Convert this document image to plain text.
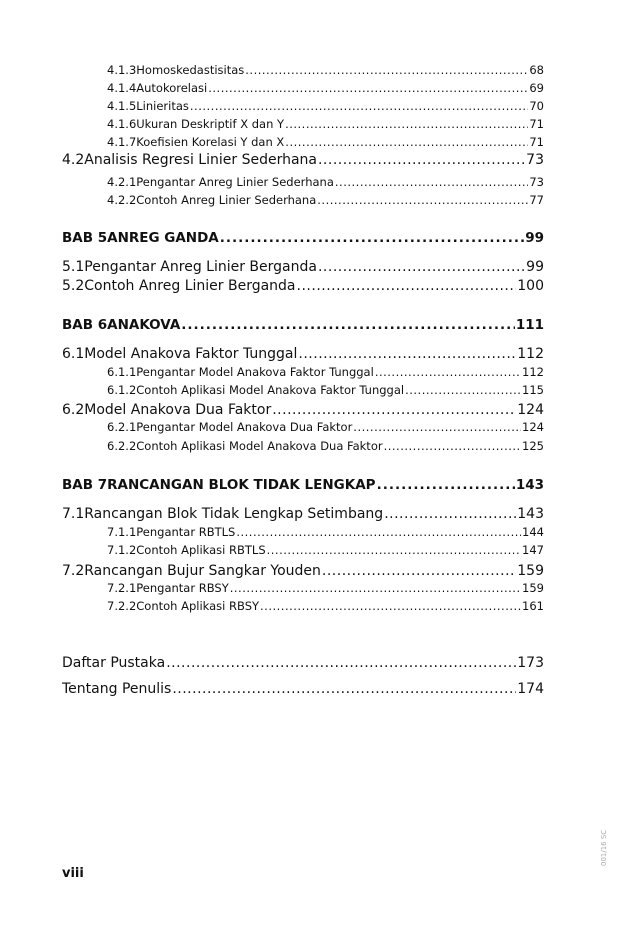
4.1.3 Homoskedastisitas .....	68
4.1.4 Autokorelasi .....	69
4.1.5 Linieritas .....	70
4.1.6 Ukuran Deskriptif X dan Y .....	71
4.1.7 Koefisien Korelasi Y dan X .....	71
4.2 Analisis Regresi Linier Sederhana .....	73
4.2.1 Pengantar Anreg Linier Sederhana .....	73
4.2.2 Contoh Anreg Linier Sederhana .....	77
BAB 5 ANREG GANDA .....	99
5.1 Pengantar Anreg Linier Berganda .....	99
5.2 Contoh Anreg Linier Berganda .....	100
BAB 6 ANAKOVA .....	111
6.1 Model Anakova Faktor Tunggal .....	112
6.1.1 Pengantar Model Anakova Faktor Tunggal .....	112
6.1.2 Contoh Aplikasi Model Anakova Faktor Tunggal .....	115
6.2 Model Anakova Dua Faktor .....	124
6.2.1 Pengantar Model Anakova Dua Faktor .....	124
6.2.2 Contoh Aplikasi Model Anakova Dua Faktor .....	125
BAB 7 RANCANGAN BLOK TIDAK LENGKAP .....	143
7.1 Rancangan Blok Tidak Lengkap Setimbang .....	143
7.1.1 Pengantar RBTLS .....	144
7.1.2 Contoh Aplikasi RBTLS .....	147
7.2 Rancangan Bujur Sangkar Youden .....	159
7.2.1 Pengantar RBSY .....	159
7.2.2 Contoh Aplikasi RBSY .....	161
Daftar Pustaka .....	173
Tentang Penulis .....	174
viii
001/16 SC
